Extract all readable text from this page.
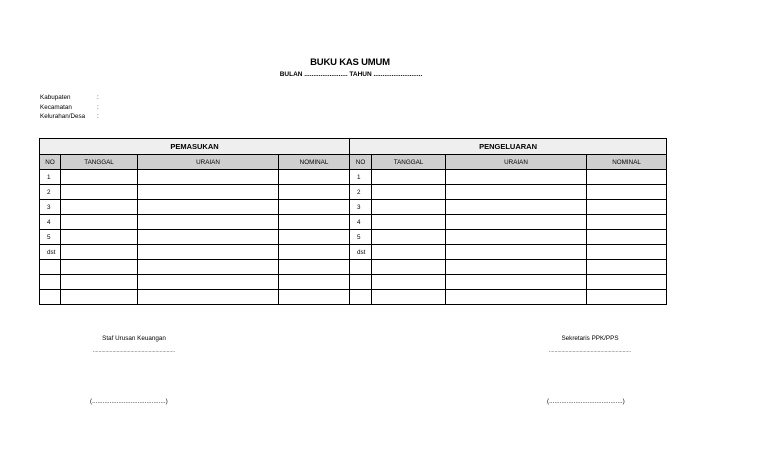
BUKU KAS UMUM
BULAN ........................ TAHUN ...........................
Kabupaten	:
Kecamatan	:
Kelurahan/Desa	:
PEMASUKAN				PENGELUARAN			
NO	TANGGAL	URAIAN	NOMINAL	NO	TANGGAL	URAIAN	NOMINAL
1				1			
2				2			
3				3			
4				4			
5				5			
dst				dst			

Staf Urusan Keuangan
...........................................................
Sekretaris PPK/PPS
...........................................................
(..........................................)	(..........................................)
